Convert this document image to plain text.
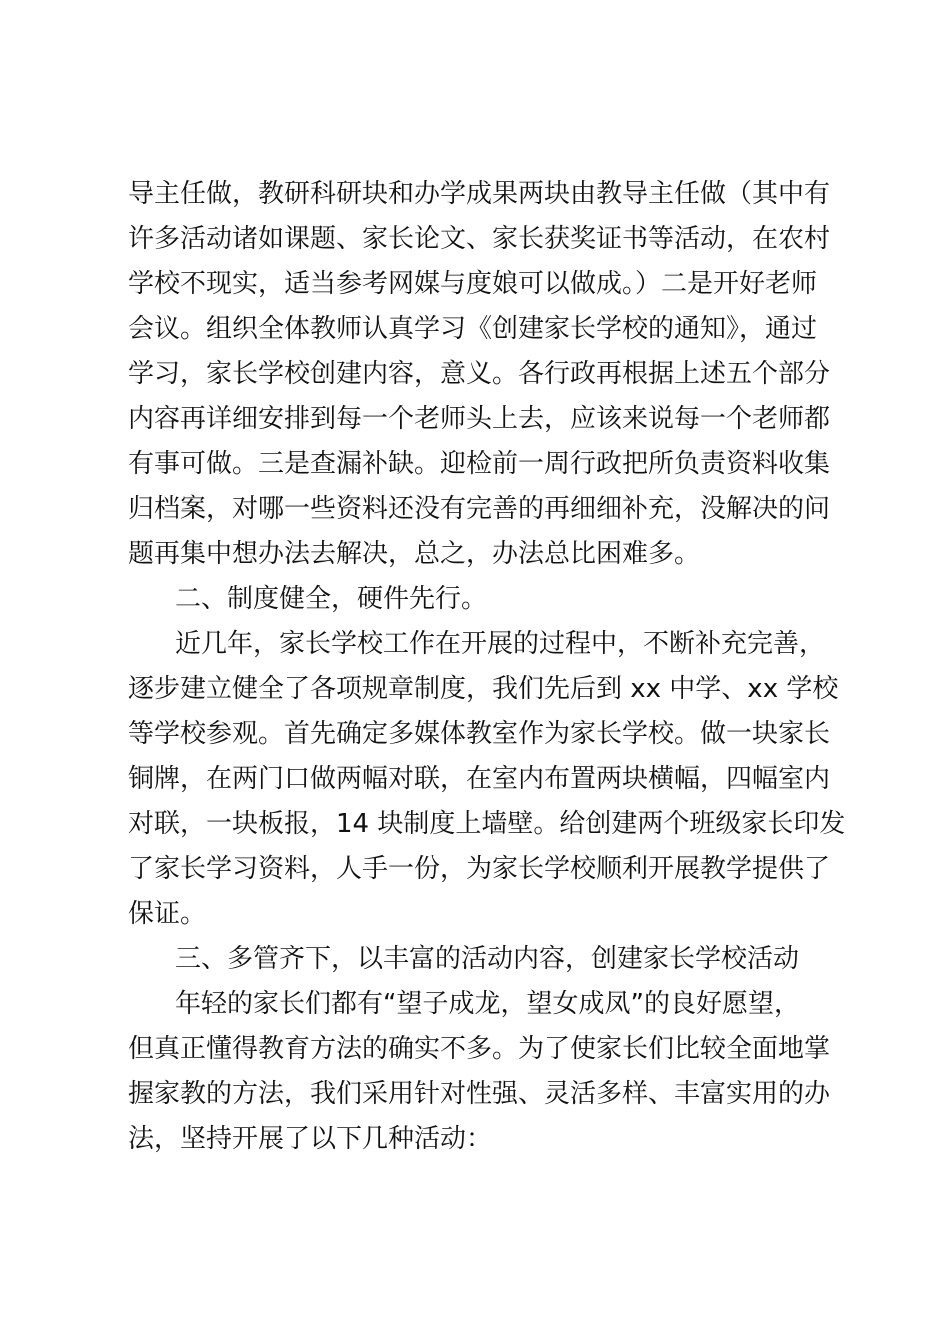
导主任做，教研科研块和办学成果两块由教导主任做（其中有
许多活动诸如课题、家长论文、家长获奖证书等活动，在农村
学校不现实，适当参考网媒与度娘可以做成。）二是开好老师
会议。组织全体教师认真学习《创建家长学校的通知》，通过
学习，家长学校创建内容，意义。各行政再根据上述五个部分
内容再详细安排到每一个老师头上去，应该来说每一个老师都
有事可做。三是查漏补缺。迎检前一周行政把所负责资料收集
归档案，对哪一些资料还没有完善的再细细补充，没解决的问
题再集中想办法去解决，总之，办法总比困难多。
二、制度健全，硬件先行。
近几年，家长学校工作在开展的过程中，不断补充完善，
逐步建立健全了各项规章制度，我们先后到 xx 中学、xx 学校
等学校参观。首先确定多媒体教室作为家长学校。做一块家长
铜牌，在两门口做两幅对联，在室内布置两块横幅，四幅室内
对联，一块板报，14 块制度上墙壁。给创建两个班级家长印发
了家长学习资料，人手一份，为家长学校顺利开展教学提供了
保证。
三、多管齐下，以丰富的活动内容，创建家长学校活动
年轻的家长们都有“望子成龙，望女成凤”的良好愿望，
但真正懂得教育方法的确实不多。为了使家长们比较全面地掌
握家教的方法，我们采用针对性强、灵活多样、丰富实用的办
法，坚持开展了以下几种活动：
